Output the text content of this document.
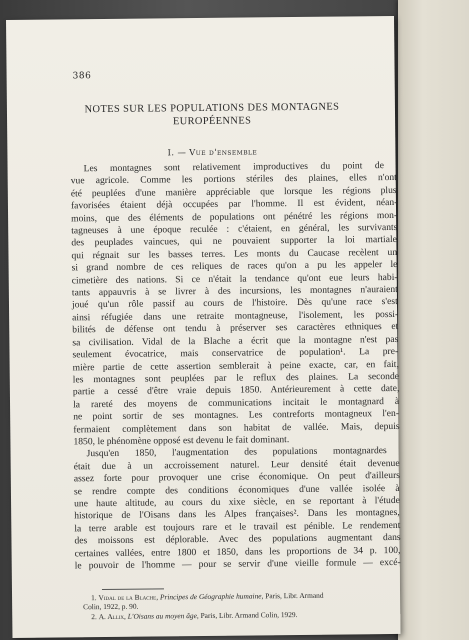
386
NOTES SUR LES POPULATIONS DES MONTAGNES
EUROPÉENNES
I. — Vue d'ensemble
Les montagnes sont relativement improductives du point de
vue agricole. Comme les portions stériles des plaines, elles n'ont
été peuplées d'une manière appréciable que lorsque les régions plus
favorisées étaient déjà occupées par l'homme. Il est évident, néan-
moins, que des éléments de populations ont pénétré les régions mon-
tagneuses à une époque reculée : c'étaient, en général, les survivants
des peuplades vaincues, qui ne pouvaient supporter la loi martiale
qui régnait sur les basses terres. Les monts du Caucase recèlent un
si grand nombre de ces reliques de races qu'on a pu les appeler le
cimetière des nations. Si ce n'était la tendance qu'ont eue leurs habi-
tants appauvris à se livrer à des incursions, les montagnes n'auraient
joué qu'un rôle passif au cours de l'histoire. Dès qu'une race s'est
ainsi réfugiée dans une retraite montagneuse, l'isolement, les possi-
bilités de défense ont tendu à préserver ses caractères ethniques et
sa civilisation. Vidal de la Blache a écrit que la montagne n'est pas
seulement évocatrice, mais conservatrice de population¹. La pre-
mière partie de cette assertion semblerait à peine exacte, car, en fait,
les montagnes sont peuplées par le reflux des plaines. La seconde
partie a cessé d'être vraie depuis 1850. Antérieurement à cette date,
la rareté des moyens de communications incitait le montagnard à
ne point sortir de ses montagnes. Les contreforts montagneux l'en-
fermaient complètement dans son habitat de vallée. Mais, depuis
1850, le phénomène opposé est devenu le fait dominant.
Jusqu'en 1850, l'augmentation des populations montagnardes
était due à un accroissement naturel. Leur densité était devenue
assez forte pour provoquer une crise économique. On peut d'ailleurs
se rendre compte des conditions économiques d'une vallée isolée à
une haute altitude, au cours du xixe siècle, en se reportant à l'étude
historique de l'Oisans dans les Alpes françaises². Dans les montagnes,
la terre arable est toujours rare et le travail est pénible. Le rendement
des moissons est déplorable. Avec des populations augmentant dans
certaines vallées, entre 1800 et 1850, dans les proportions de 34 p. 100,
le pouvoir de l'homme — pour se servir d'une vieille formule — excé-
1. Vidal de la Blache, Principes de Géographie humaine, Paris, Libr. Armand
Colin, 1922, p. 90.
2. A. Allix, L'Oisans au moyen âge, Paris, Libr. Armand Colin, 1929.
